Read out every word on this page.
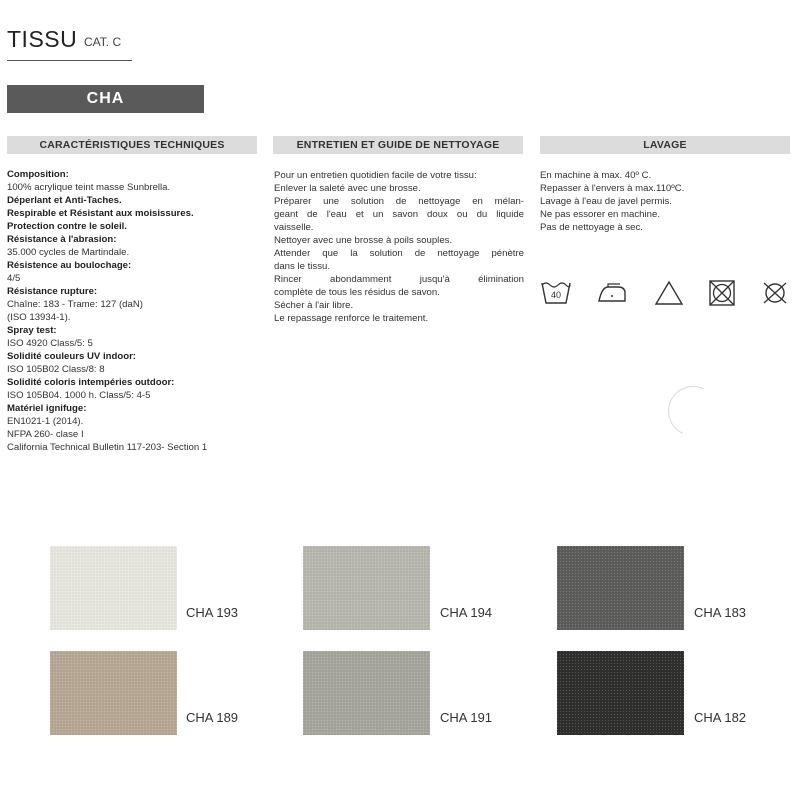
TISSU CAT. C
CHA
CARACTÉRISTIQUES TECHNIQUES	ENTRETIEN ET GUIDE DE NETTOYAGE	LAVAGE
Composition:
100% acrylique teint masse Sunbrella.
Déperlant et Anti-Taches.
Respirable et Résistant aux moisissures.
Protection contre le soleil.
Résistance à l'abrasion:
35.000 cycles de Martindale.
Résistence au boulochage:
4/5
Résistance rupture:
Chaîne: 183 - Trame: 127 (daN)
(ISO 13934-1).
Spray test:
ISO 4920 Class/5: 5
Solidité couleurs UV indoor:
ISO 105B02 Class/8: 8
Solidité coloris intempéries outdoor:
ISO 105B04. 1000 h. Class/5: 4-5
Matériel ignifuge:
EN1021-1 (2014).
NFPA 260- clase I
California Technical Bulletin 117-203- Section 1
Pour un entretien quotidien facile de votre tissu:
Enlever la saleté avec une brosse.
Préparer une solution de nettoyage en mélan-
geant de l'eau et un savon doux ou du liquide
vaisselle.
Nettoyer avec une brosse à poils souples.
Attender que la solution de nettoyage pénètre
dans le tissu.
Rincer abondamment jusqu'à élimination
complète de tous les résidus de savon.
Sécher à l'air libre.
Le repassage renforce le traitement.
En machine à max. 40º C.
Repasser à l'envers à max.110ºC.
Lavage à l'eau de javel permis.
Ne pas essorer en machine.
Pas de nettoyage à sec.
40
CHA 193	CHA 194	CHA 183
CHA 189	CHA 191	CHA 182
